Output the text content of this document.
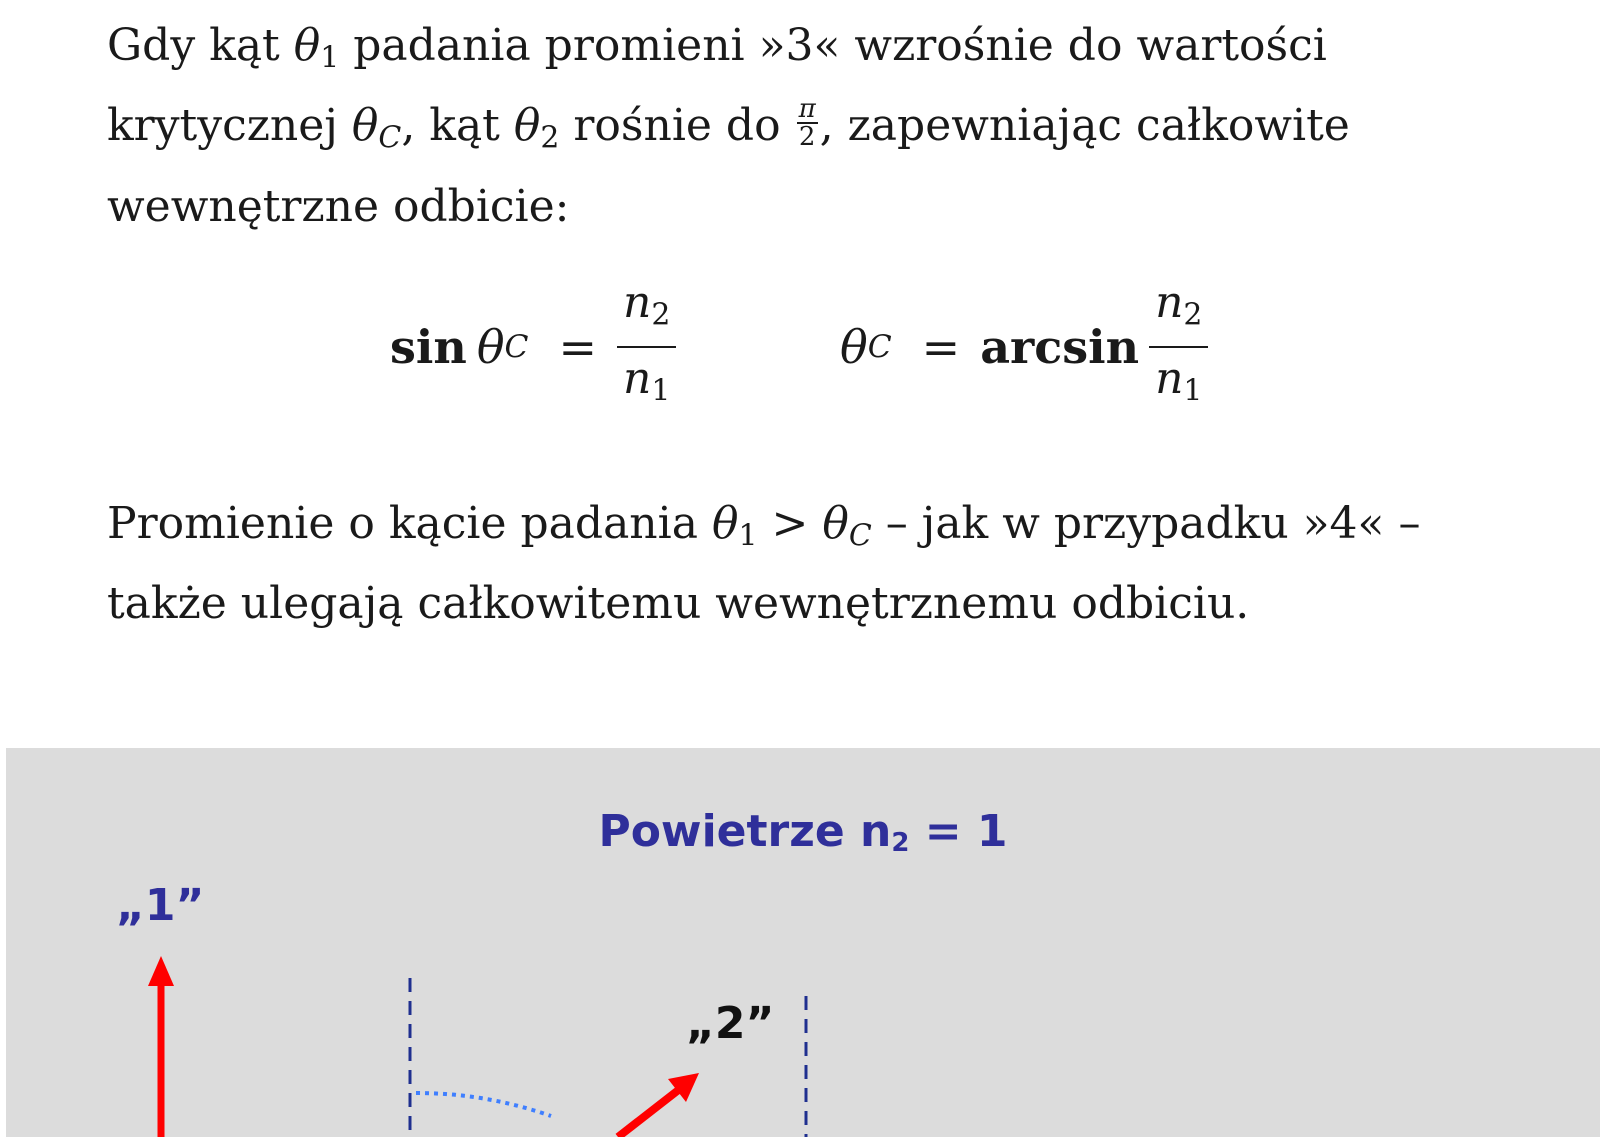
Gdy kąt $\theta_1$ padania promieni »3« wzrośnie do wartości krytycznej $\theta_C$, kąt $\theta_2$ rośnie do $\frac{\pi}{2}$ , zapewniając całkowite wewnętrzne odbicie:

sin θ $C = \frac{n_2}{n_1}$	θ $C = \arcsin \frac{n_2}{n_1}$

Promienie o kącie padania $\theta_1 > \theta_C$ – jak w przypadku »4« – także ulegają całkowitemu wewnętrznemu odbiciu.

Powietrze n2 = 1
„1”
„2”
